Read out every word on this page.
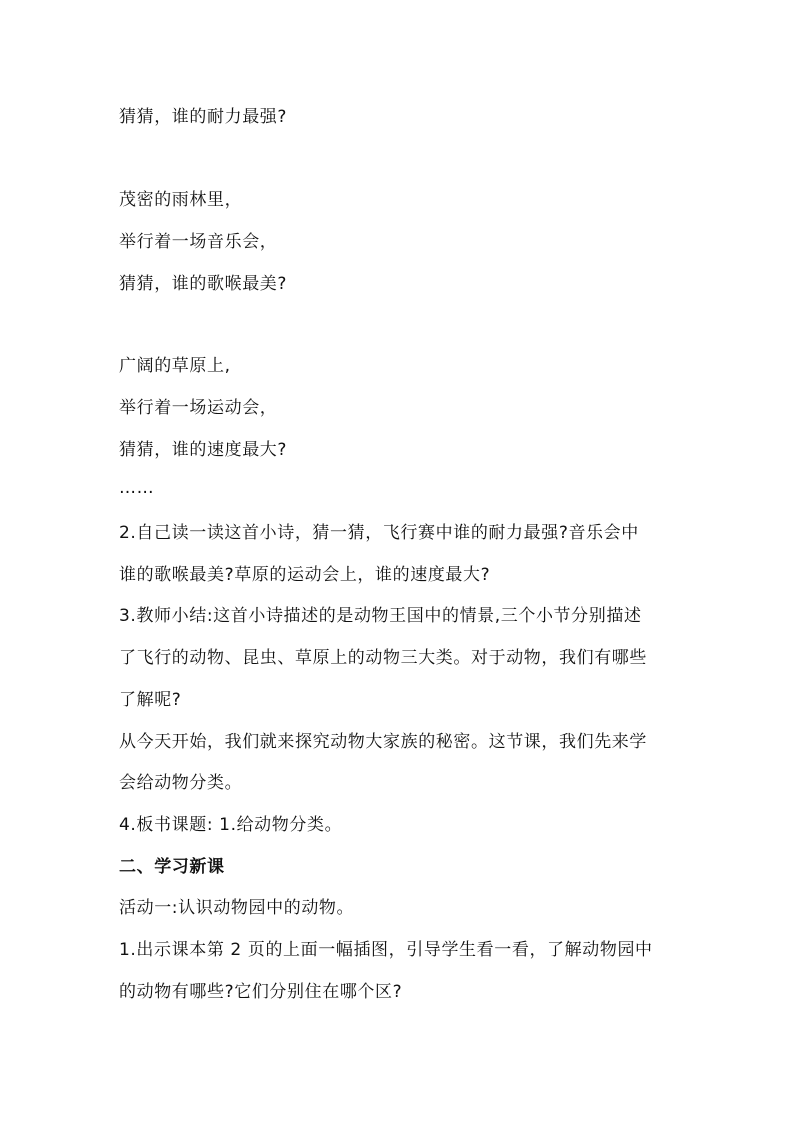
猜猜，谁的耐力最强?
茂密的雨林里，
举行着一场音乐会，
猜猜，谁的歌喉最美?
广阔的草原上,
举行着一场运动会，
猜猜，谁的速度最大?
……
2.自己读一读这首小诗，猜一猜，飞行赛中谁的耐力最强?音乐会中
谁的歌喉最美?草原的运动会上，谁的速度最大?
3.教师小结:这首小诗描述的是动物王国中的情景,三个小节分别描述
了飞行的动物、昆虫、草原上的动物三大类。对于动物，我们有哪些
了解呢?
从今天开始，我们就来探究动物大家族的秘密。这节课，我们先来学
会给动物分类。
4.板书课题: 1.给动物分类。
二、学习新课
活动一:认识动物园中的动物。
1.出示课本第 2 页的上面一幅插图，引导学生看一看，了解动物园中
的动物有哪些?它们分别住在哪个区?
